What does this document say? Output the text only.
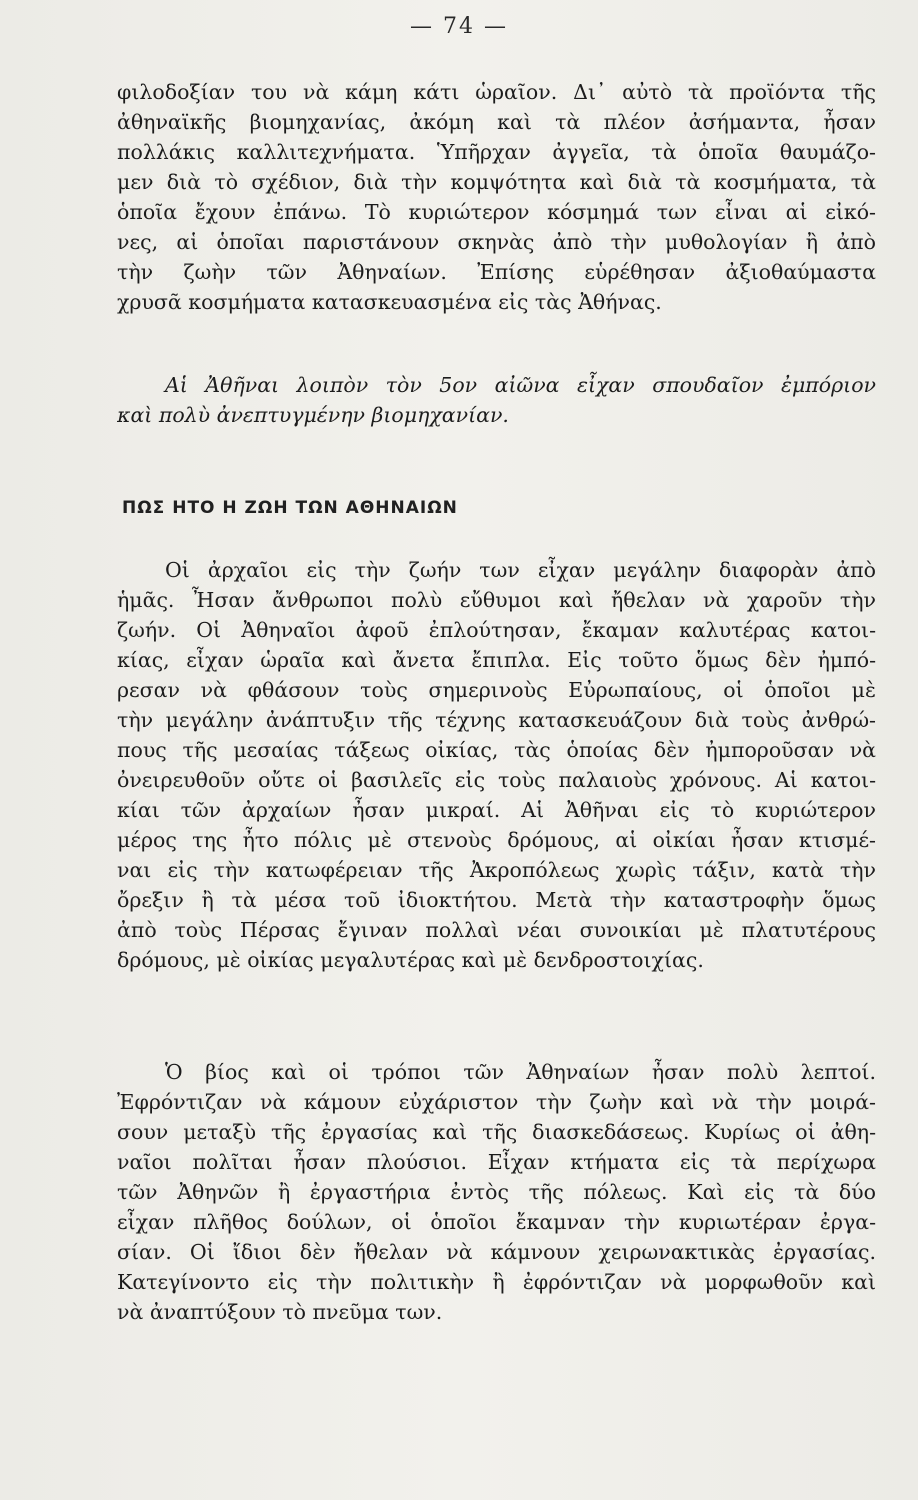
— 74 —
φιλοδοξίαν του νὰ κάμη κάτι ὡραῖον. Δι᾽ αὐτὸ τὰ προϊόντα τῆς
ἀθηναϊκῆς βιομηχανίας, ἀκόμη καὶ τὰ πλέον ἀσήμαντα, ἦσαν
πολλάκις καλλιτεχνήματα. Ὑπῆρχαν ἀγγεῖα, τὰ ὁποῖα θαυμάζο-
μεν διὰ τὸ σχέδιον, διὰ τὴν κομψότητα καὶ διὰ τὰ κοσμήματα, τὰ
ὁποῖα ἔχουν ἐπάνω. Τὸ κυριώτερον κόσμημά των εἶναι αἱ εἰκό-
νες, αἱ ὁποῖαι παριστάνουν σκηνὰς ἀπὸ τὴν μυθολογίαν ἢ ἀπὸ
τὴν ζωὴν τῶν Ἀθηναίων. Ἐπίσης εὑρέθησαν ἀξιοθαύμαστα
χρυσᾶ κοσμήματα κατασκευασμένα εἰς τὰς Ἀθήνας.
Αἱ Ἀθῆναι λοιπὸν τὸν 5ον αἰῶνα εἶχαν σπουδαῖον ἐμπόριον
καὶ πολὺ ἀνεπτυγμένην βιομηχανίαν.
ΠΩΣ ΗΤΟ Η ΖΩΗ ΤΩΝ ΑΘΗΝΑΙΩΝ
Οἱ ἀρχαῖοι εἰς τὴν ζωήν των εἶχαν μεγάλην διαφορὰν ἀπὸ
ἡμᾶς. Ἦσαν ἄνθρωποι πολὺ εὔθυμοι καὶ ἤθελαν νὰ χαροῦν τὴν
ζωήν. Οἱ Ἀθηναῖοι ἀφοῦ ἐπλούτησαν, ἔκαμαν καλυτέρας κατοι-
κίας, εἶχαν ὡραῖα καὶ ἄνετα ἔπιπλα. Εἰς τοῦτο ὅμως δὲν ἠμπό-
ρεσαν νὰ φθάσουν τοὺς σημερινοὺς Εὐρωπαίους, οἱ ὁποῖοι μὲ
τὴν μεγάλην ἀνάπτυξιν τῆς τέχνης κατασκευάζουν διὰ τοὺς ἀνθρώ-
πους τῆς μεσαίας τάξεως οἰκίας, τὰς ὁποίας δὲν ἠμποροῦσαν νὰ
ὀνειρευθοῦν οὔτε οἱ βασιλεῖς εἰς τοὺς παλαιοὺς χρόνους. Αἱ κατοι-
κίαι τῶν ἀρχαίων ἦσαν μικραί. Αἱ Ἀθῆναι εἰς τὸ κυριώτερον
μέρος της ἦτο πόλις μὲ στενοὺς δρόμους, αἱ οἰκίαι ἦσαν κτισμέ-
ναι εἰς τὴν κατωφέρειαν τῆς Ἀκροπόλεως χωρὶς τάξιν, κατὰ τὴν
ὄρεξιν ἢ τὰ μέσα τοῦ ἰδιοκτήτου. Μετὰ τὴν καταστροφὴν ὅμως
ἀπὸ τοὺς Πέρσας ἔγιναν πολλαὶ νέαι συνοικίαι μὲ πλατυτέρους
δρόμους, μὲ οἰκίας μεγαλυτέρας καὶ μὲ δενδροστοιχίας.
Ὁ βίος καὶ οἱ τρόποι τῶν Ἀθηναίων ἦσαν πολὺ λεπτοί.
Ἐφρόντιζαν νὰ κάμουν εὐχάριστον τὴν ζωὴν καὶ νὰ τὴν μοιρά-
σουν μεταξὺ τῆς ἐργασίας καὶ τῆς διασκεδάσεως. Κυρίως οἱ ἀθη-
ναῖοι πολῖται ἦσαν πλούσιοι. Εἶχαν κτήματα εἰς τὰ περίχωρα
τῶν Ἀθηνῶν ἢ ἐργαστήρια ἐντὸς τῆς πόλεως. Καὶ εἰς τὰ δύο
εἶχαν πλῆθος δούλων, οἱ ὁποῖοι ἔκαμναν τὴν κυριωτέραν ἐργα-
σίαν. Οἱ ἴδιοι δὲν ἤθελαν νὰ κάμνουν χειρωνακτικὰς ἐργασίας.
Κατεγίνοντο εἰς τὴν πολιτικὴν ἢ ἐφρόντιζαν νὰ μορφωθοῦν καὶ
νὰ ἀναπτύξουν τὸ πνεῦμα των.
